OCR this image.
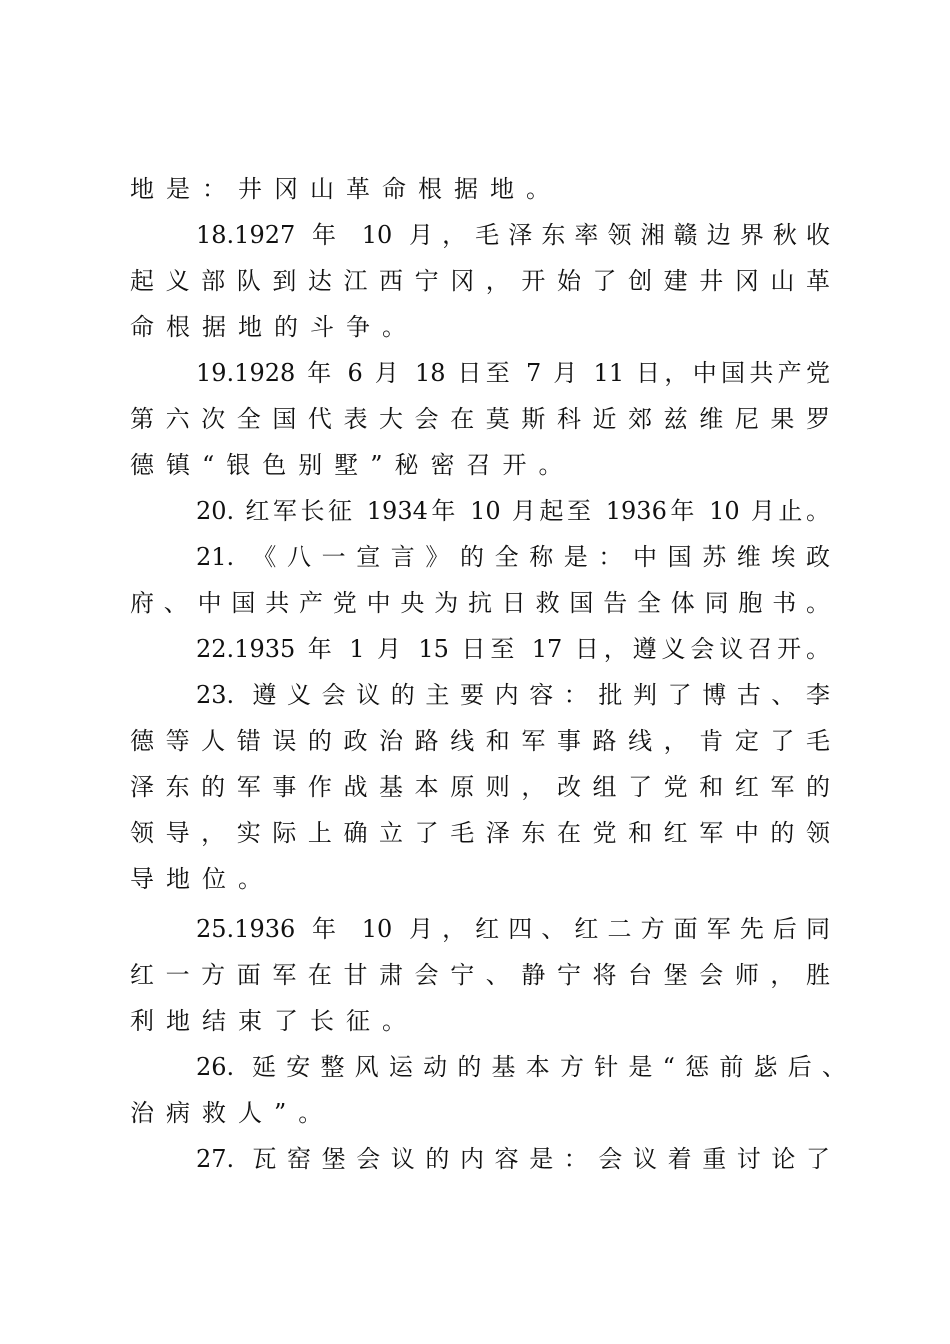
地是：井冈山革命根据地。
18.1927 年 10 月，毛泽东率领湘赣边界秋收
起义部队到达江西宁冈，开始了创建井冈山革
命根据地的斗争。
19.1928 年 6 月 18 日至 7 月 11 日，中国共产党
第六次全国代表大会在莫斯科近郊兹维尼果罗
德镇“银色别墅”秘密召开。
20. 红军长征 1934年 10 月起至 1936年 10 月止。
21. 《八一宣言》的全称是：中国苏维埃政
府、中国共产党中央为抗日救国告全体同胞书。
22.1935 年 1 月 15 日至 17 日，遵义会议召开。
23. 遵义会议的主要内容：批判了博古、李
德等人错误的政治路线和军事路线，肯定了毛
泽东的军事作战基本原则，改组了党和红军的
领导，实际上确立了毛泽东在党和红军中的领
导地位。
25.1936 年 10 月，红四、红二方面军先后同
红一方面军在甘肃会宁、静宁将台堡会师，胜
利地结束了长征。
26. 延安整风运动的基本方针是“惩前毖后、
治病救人”。
27. 瓦窑堡会议的内容是：会议着重讨论了
